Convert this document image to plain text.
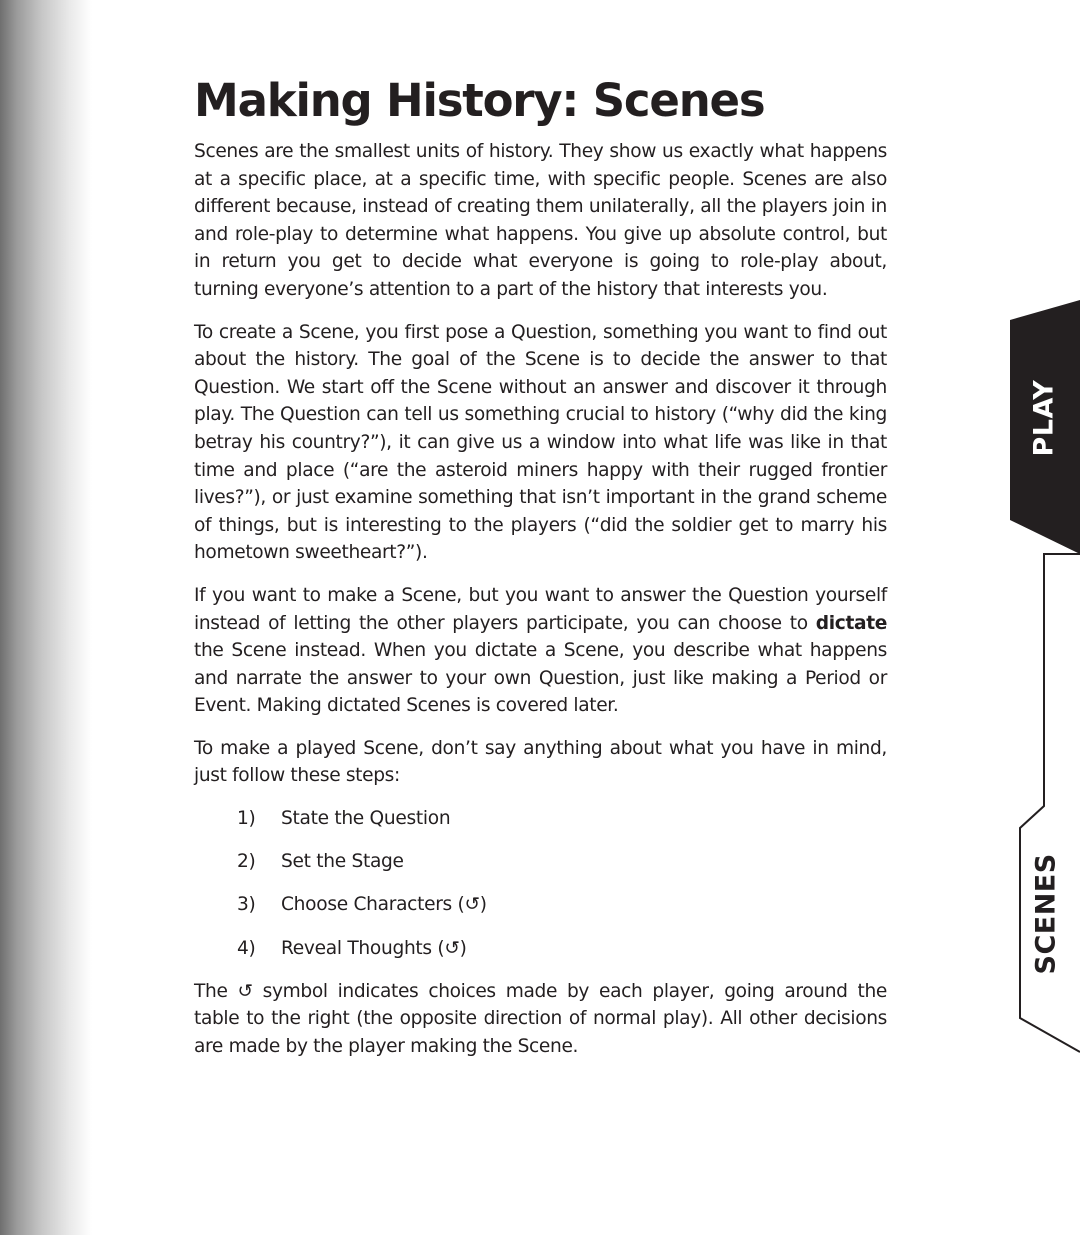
Making History: Scenes

Scenes are the smallest units of history. They show us exactly what happens at a specific place, at a specific time, with specific people. Scenes are also different because, instead of creating them unilaterally, all the players join in and role-play to determine what happens. You give up absolute control, but in return you get to decide what everyone is going to role-play about, turning everyone’s attention to a part of the history that interests you.

To create a Scene, you first pose a Question, something you want to find out about the history. The goal of the Scene is to decide the answer to that Question. We start off the Scene without an answer and discover it through play. The Question can tell us something crucial to history (“why did the king betray his country?”), it can give us a window into what life was like in that time and place (“are the asteroid miners happy with their rugged frontier lives?”), or just examine something that isn’t important in the grand scheme of things, but is interesting to the players (“did the soldier get to marry his hometown sweetheart?”).

If you want to make a Scene, but you want to answer the Question yourself instead of letting the other players participate, you can choose to dictate the Scene instead. When you dictate a Scene, you describe what happens and narrate the answer to your own Question, just like making a Period or Event. Making dictated Scenes is covered later.

To make a played Scene, don’t say anything about what you have in mind, just follow these steps:

1)	State the Question
2)	Set the Stage
3)	Choose Characters (↺)
4)	Reveal Thoughts (↺)

The ↺ symbol indicates choices made by each player, going around the table to the right (the opposite direction of normal play). All other decisions are made by the player making the Scene.

PLAY
SCENES
